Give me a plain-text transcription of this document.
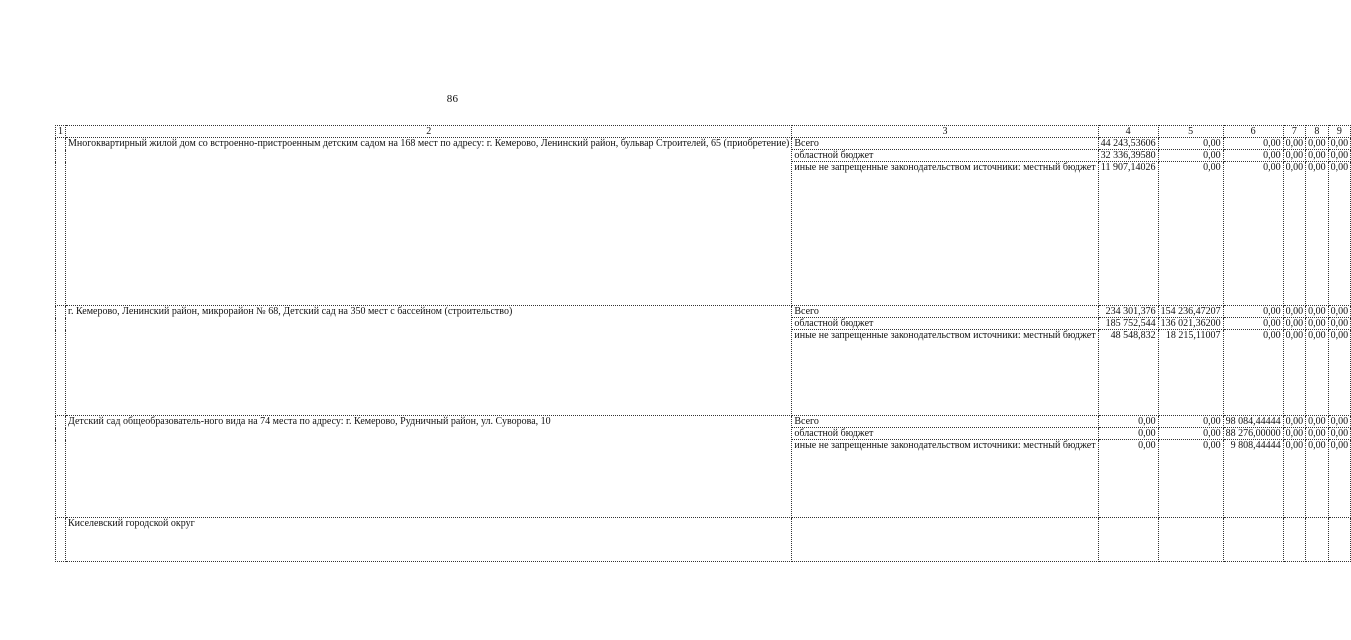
86
1	2	3	4	5	6	7	8	9
	Многоквартирный жилой дом со встроенно-пристроенным детским садом на 168 мест по адресу: г. Кемерово, Ленинский район, бульвар Строителей, 65 (приобретение)	Всего	44 243,53606	0,00	0,00	0,00	0,00	0,00
		областной бюджет	32 336,39580	0,00	0,00	0,00	0,00	0,00
		иные не запрещенные законодательством источники: местный бюджет	11 907,14026	0,00	0,00	0,00	0,00	0,00
	г. Кемерово, Ленинский район, микрорайон № 68, Детский сад на 350 мест с бассейном (строительство)	Всего	234 301,376	154 236,47207	0,00	0,00	0,00	0,00
		областной бюджет	185 752,544	136 021,36200	0,00	0,00	0,00	0,00
		иные не запрещенные законодательством источники: местный бюджет	48 548,832	18 215,11007	0,00	0,00	0,00	0,00
	Детский сад общеобразователь-ного вида на 74 места по адресу: г. Кемерово, Рудничный район, ул. Суворова, 10	Всего	0,00	0,00	98 084,44444	0,00	0,00	0,00
		областной бюджет	0,00	0,00	88 276,00000	0,00	0,00	0,00
		иные не запрещенные законодательством источники: местный бюджет	0,00	0,00	9 808,44444	0,00	0,00	0,00
	Киселевский городской округ							
